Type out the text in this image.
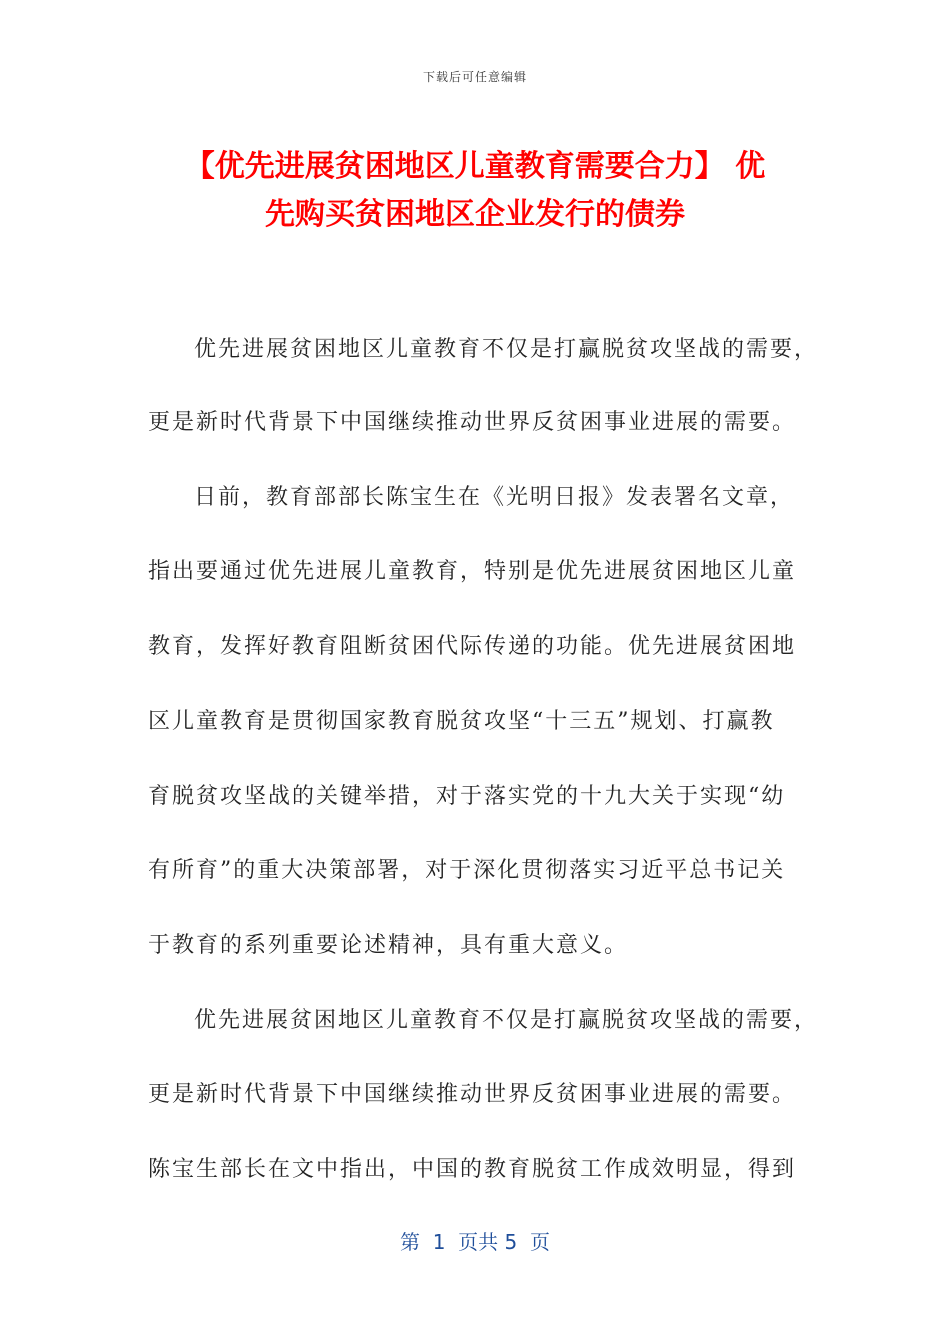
下载后可任意编辑
【优先进展贫困地区儿童教育需要合力】 优
先购买贫困地区企业发行的债券
优先进展贫困地区儿童教育不仅是打赢脱贫攻坚战的需要，
更是新时代背景下中国继续推动世界反贫困事业进展的需要。
日前，教育部部长陈宝生在《光明日报》发表署名文章，
指出要通过优先进展儿童教育，特别是优先进展贫困地区儿童
教育，发挥好教育阻断贫困代际传递的功能。优先进展贫困地
区儿童教育是贯彻国家教育脱贫攻坚“十三五”规划、打赢教
育脱贫攻坚战的关键举措，对于落实党的十九大关于实现“幼
有所育”的重大决策部署，对于深化贯彻落实习近平总书记关
于教育的系列重要论述精神，具有重大意义。
优先进展贫困地区儿童教育不仅是打赢脱贫攻坚战的需要，
更是新时代背景下中国继续推动世界反贫困事业进展的需要。
陈宝生部长在文中指出，中国的教育脱贫工作成效明显，得到
第  1  页共 5  页
